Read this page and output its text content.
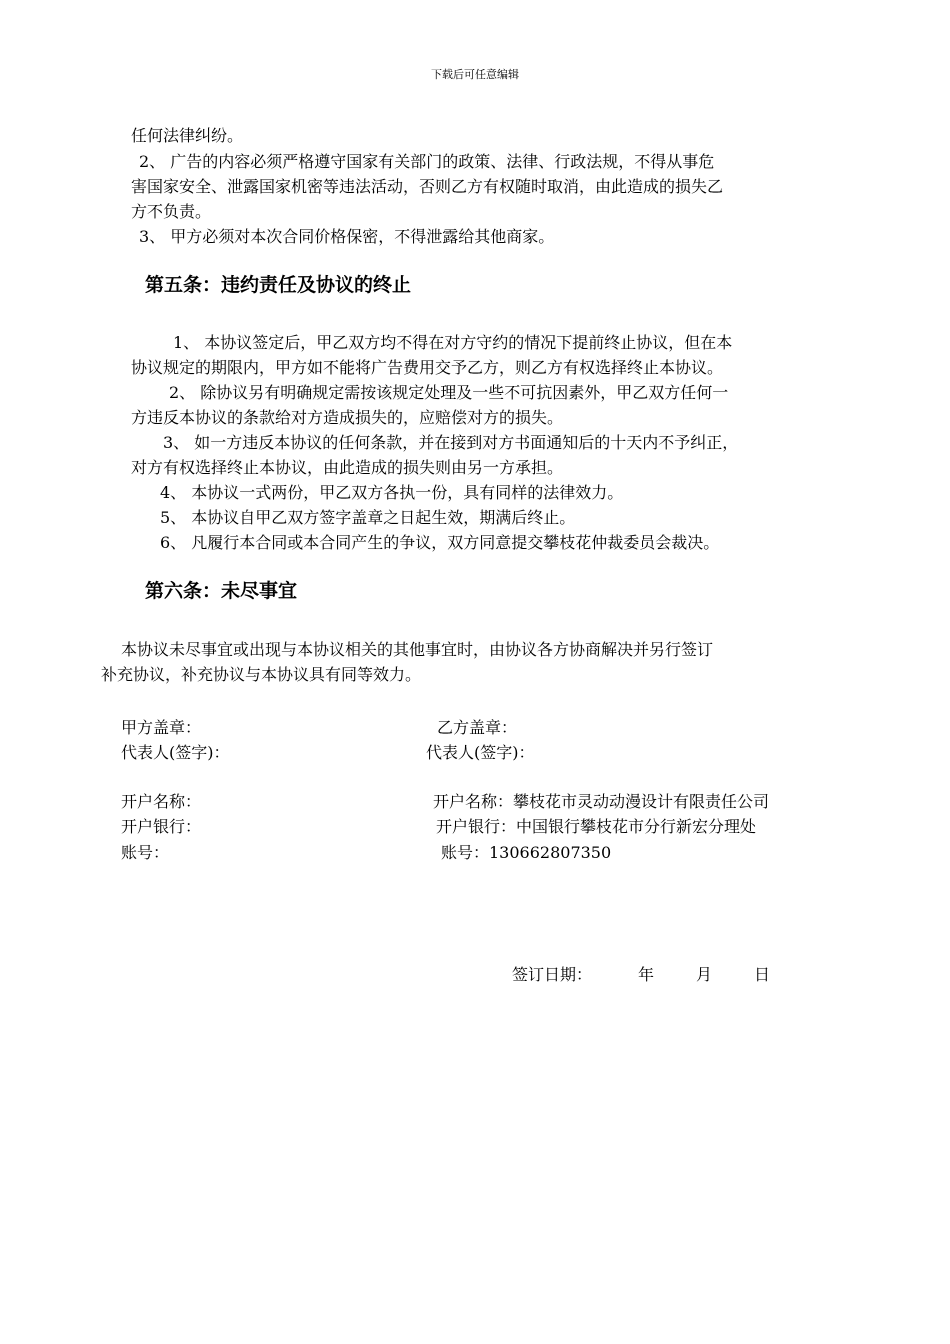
下载后可任意编辑
任何法律纠纷。
2、 广告的内容必须严格遵守国家有关部门的政策、法律、行政法规，不得从事危
害国家安全、泄露国家机密等违法活动，否则乙方有权随时取消，由此造成的损失乙
方不负责。
3、 甲方必须对本次合同价格保密，不得泄露给其他商家。
第五条：违约责任及协议的终止
1、 本协议签定后，甲乙双方均不得在对方守约的情况下提前终止协议，但在本
协议规定的期限内，甲方如不能将广告费用交予乙方，则乙方有权选择终止本协议。
2、 除协议另有明确规定需按该规定处理及一些不可抗因素外，甲乙双方任何一
方违反本协议的条款给对方造成损失的，应赔偿对方的损失。
3、 如一方违反本协议的任何条款，并在接到对方书面通知后的十天内不予纠正，
对方有权选择终止本协议，由此造成的损失则由另一方承担。
4、 本协议一式两份，甲乙双方各执一份，具有同样的法律效力。
5、 本协议自甲乙双方签字盖章之日起生效，期满后终止。
6、 凡履行本合同或本合同产生的争议，双方同意提交攀枝花仲裁委员会裁决。
第六条：未尽事宜
本协议未尽事宜或出现与本协议相关的其他事宜时，由协议各方协商解决并另行签订
补充协议，补充协议与本协议具有同等效力。
甲方盖章：	乙方盖章：
代表人(签字)：	代表人(签字)：
开户名称：	开户名称：攀枝花市灵动动漫设计有限责任公司
开户银行：	开户银行：中国银行攀枝花市分行新宏分理处
账号：	账号：13066280735​0
签订日期：	年	月	日
